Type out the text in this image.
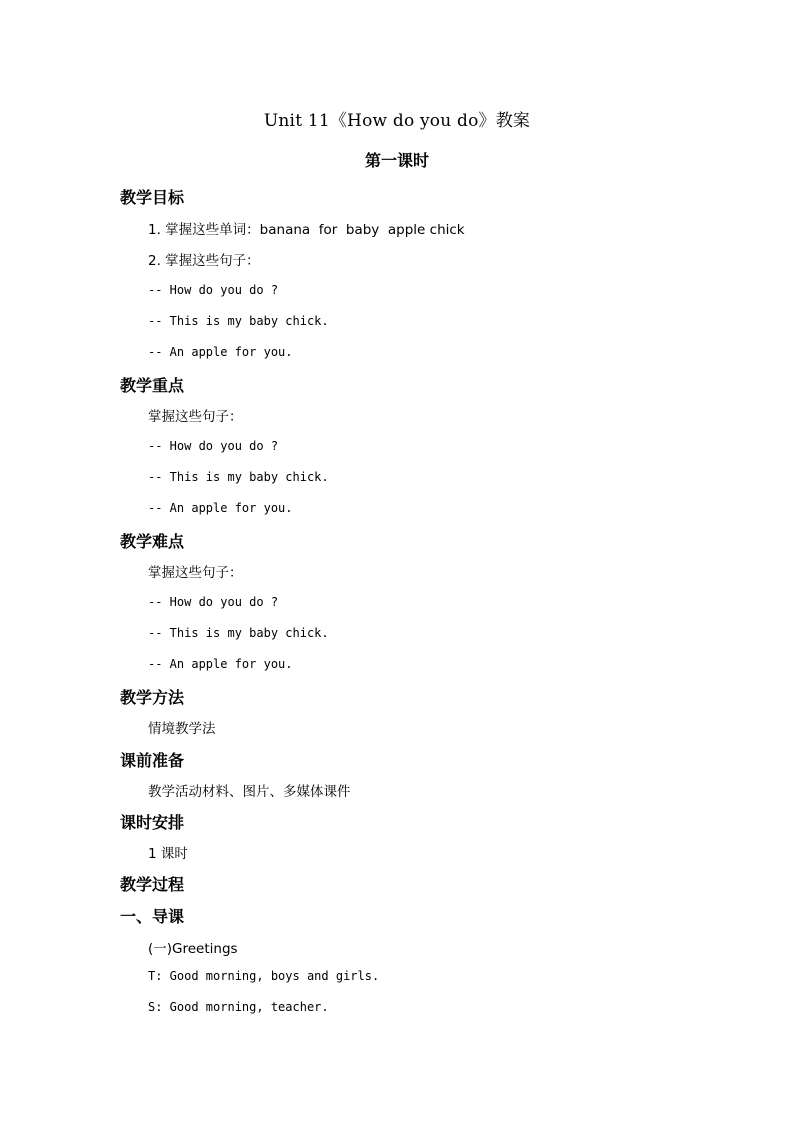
Unit 11《How do you do》教案
第一课时
教学目标
1. 掌握这些单词：banana  for  baby  apple chick
2. 掌握这些句子：
-- How do you do ?
-- This is my baby chick.
-- An apple for you.
教学重点
掌握这些句子：
-- How do you do ?
-- This is my baby chick.
-- An apple for you.
教学难点
掌握这些句子：
-- How do you do ?
-- This is my baby chick.
-- An apple for you.
教学方法
情境教学法
课前准备
教学活动材料、图片、多媒体课件
课时安排
1 课时
教学过程
一、导课
(一)Greetings
T: Good morning, boys and girls.
S: Good morning, teacher.
